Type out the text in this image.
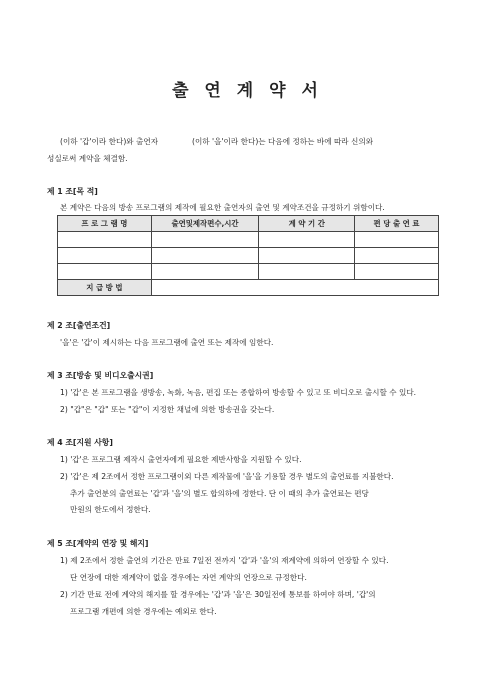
출 연 계 약 서
(이하 '갑'이라 한다)와 출연자	(이하 '을'이라 한다)는 다음에 정하는 바에 따라 신의와
성실로써 계약을 체결함.
제 1 조[목 적]
본 계약은 다음의 방송 프로그램의 제작에 필요한 출연자의 출연 및 계약조건을 규정하기 위함이다.
프 로 그 램 명	출연및제작편수,시간	계 약 기 간	편 당 출 연 료

지 급 방 법			
제 2 조[출연조건]
'을'은 '갑'이 제시하는 다음 프로그램에 출연 또는 제작에 임한다.
제 3 조[방송 및 비디오출시권]
1) '갑'은 본 프로그램을 생방송, 녹화, 녹음, 편집 또는 종합하여 방송할 수 있고 또 비디오로 출시할 수 있다.
2) "갑"은 "갑" 또는 "갑"이 지정한 채널에 의한 방송권을 갖는다.
제 4 조[지원 사항]
1) '갑'은 프로그램 제작시 출연자에게 필요한 제반사항을 지원할 수 있다.
2) '갑'은 제 2조에서 정한 프로그램이외 다른 제작물에 '을'을 기용할 경우 별도의 출연료를 지불한다.
추가 출연분의 출연료는 '갑'과 '을'의 별도 합의하에 정한다. 단 이 때의 추가 출연료는 편당
만원의 한도에서 정한다.
제 5 조[계약의 연장 및 해지]
1) 제 2조에서 정한 출연의 기간은 만료 7일전 전까지 '갑'과 '을'의 재계약에 의하여 연장할 수 있다.
단 연장에 대한 재계약이 없을 경우에는 자연 계약의 연장으로 규정한다.
2) 기간 만료 전에 계약의 해지를 할 경우에는 '갑'과 '을'은 30일전에 통보를 하여야 하며, '갑'의
프로그램 개편에 의한 경우에는 예외로 한다.
